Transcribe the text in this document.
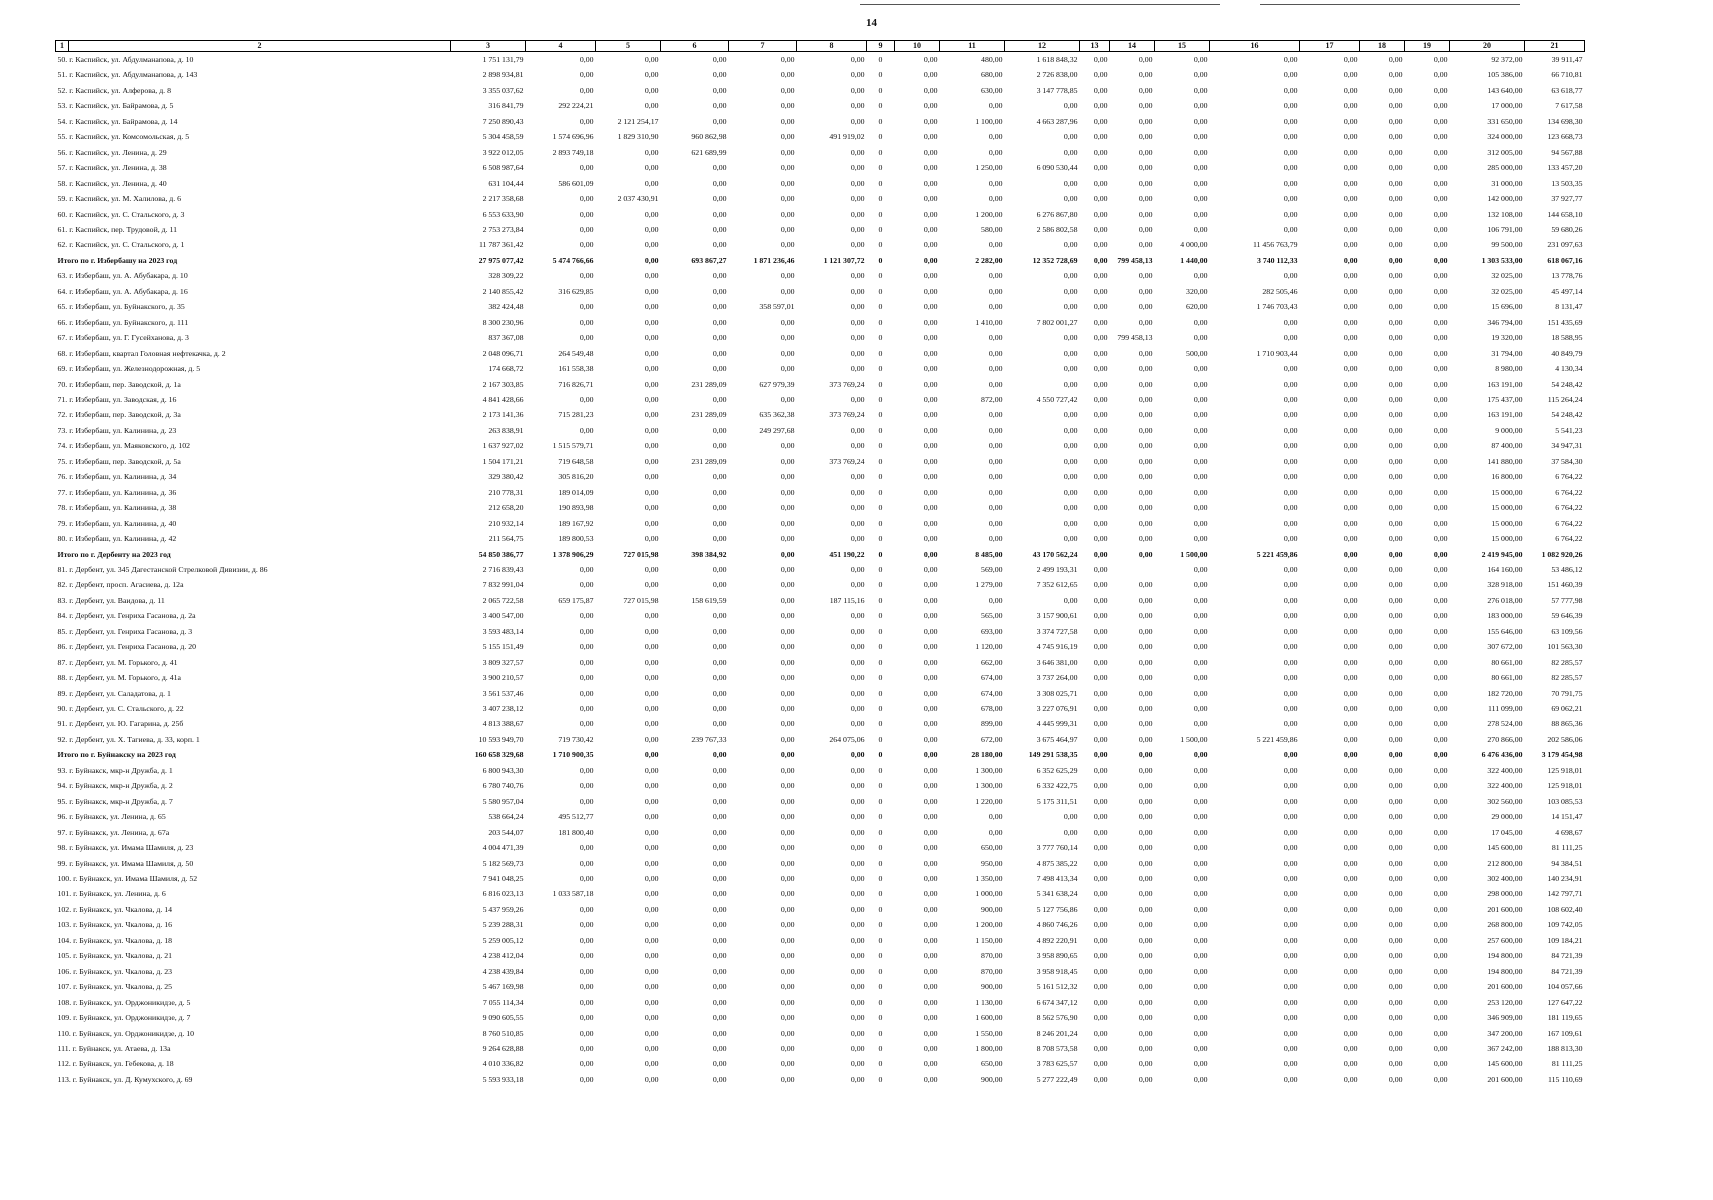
14
1	2	3	4	5	6	7	8	9	10	11	12	13	14	15	16	17	18	19	20	21
50. г. Каспийск, ул. Абдулманапова, д. 10		1 751 131,79	0,00	0,00	0,00	0,00	0,00	0	0,00	480,00	1 618 848,32	0,00	0,00	0,00	0,00	0,00	0,00	0,00	92 372,00	39 911,47
51. г. Каспийск, ул. Абдулманапова, д. 143		2 898 934,81	0,00	0,00	0,00	0,00	0,00	0	0,00	680,00	2 726 838,00	0,00	0,00	0,00	0,00	0,00	0,00	0,00	105 386,00	66 710,81
52. г. Каспийск, ул. Алферова, д. 8		3 355 037,62	0,00	0,00	0,00	0,00	0,00	0	0,00	630,00	3 147 778,85	0,00	0,00	0,00	0,00	0,00	0,00	0,00	143 640,00	63 618,77
53. г. Каспийск, ул. Байрамова, д. 5		316 841,79	292 224,21	0,00	0,00	0,00	0,00	0	0,00	0,00	0,00	0,00	0,00	0,00	0,00	0,00	0,00	0,00	17 000,00	7 617,58
54. г. Каспийск, ул. Байрамова, д. 14		7 250 890,43	0,00	2 121 254,17	0,00	0,00	0,00	0	0,00	1 100,00	4 663 287,96	0,00	0,00	0,00	0,00	0,00	0,00	0,00	331 650,00	134 698,30
55. г. Каспийск, ул. Комсомольская, д. 5		5 304 458,59	1 574 696,96	1 829 310,90	960 862,98	0,00	491 919,02	0	0,00	0,00	0,00	0,00	0,00	0,00	0,00	0,00	0,00	0,00	324 000,00	123 668,73
56. г. Каспийск, ул. Ленина, д. 29		3 922 012,05	2 893 749,18	0,00	621 689,99	0,00	0,00	0	0,00	0,00	0,00	0,00	0,00	0,00	0,00	0,00	0,00	0,00	312 005,00	94 567,88
57. г. Каспийск, ул. Ленина, д. 38		6 508 987,64	0,00	0,00	0,00	0,00	0,00	0	0,00	1 250,00	6 090 530,44	0,00	0,00	0,00	0,00	0,00	0,00	0,00	285 000,00	133 457,20
58. г. Каспийск, ул. Ленина, д. 40		631 104,44	586 601,09	0,00	0,00	0,00	0,00	0	0,00	0,00	0,00	0,00	0,00	0,00	0,00	0,00	0,00	0,00	31 000,00	13 503,35
59. г. Каспийск, ул. М. Халилова, д. 6		2 217 358,68	0,00	2 037 430,91	0,00	0,00	0,00	0	0,00	0,00	0,00	0,00	0,00	0,00	0,00	0,00	0,00	0,00	142 000,00	37 927,77
60. г. Каспийск, ул. С. Стальского, д. 3		6 553 633,90	0,00	0,00	0,00	0,00	0,00	0	0,00	1 200,00	6 276 867,80	0,00	0,00	0,00	0,00	0,00	0,00	0,00	132 108,00	144 658,10
61. г. Каспийск, пер. Трудовой, д. 11		2 753 273,84	0,00	0,00	0,00	0,00	0,00	0	0,00	580,00	2 586 802,58	0,00	0,00	0,00	0,00	0,00	0,00	0,00	106 791,00	59 680,26
62. г. Каспийск, ул. С. Стальского, д. 1		11 787 361,42	0,00	0,00	0,00	0,00	0,00	0	0,00	0,00	0,00	0,00	0,00	4 000,00	11 456 763,79	0,00	0,00	0,00	99 500,00	231 097,63
Итого по г. Избербашу на 2023 год		27 975 077,42	5 474 766,66	0,00	693 867,27	1 871 236,46	1 121 307,72	0	0,00	2 282,00	12 352 728,69	0,00	799 458,13	1 440,00	3 740 112,33	0,00	0,00	0,00	1 303 533,00	618 067,16
63. г. Избербаш, ул. А. Абубакара, д. 10		328 309,22	0,00	0,00	0,00	0,00	0,00	0	0,00	0,00	0,00	0,00	0,00	0,00	0,00	0,00	0,00	0,00	32 025,00	13 778,76
64. г. Избербаш, ул. А. Абубакара, д. 16		2 140 855,42	316 629,85	0,00	0,00	0,00	0,00	0	0,00	0,00	0,00	0,00	0,00	320,00	282 505,46	0,00	0,00	0,00	32 025,00	45 497,14
65. г. Избербаш, ул. Буйнакского, д. 35		382 424,48	0,00	0,00	0,00	358 597,01	0,00	0	0,00	0,00	0,00	0,00	0,00	620,00	1 746 703,43	0,00	0,00	0,00	15 696,00	8 131,47
66. г. Избербаш, ул. Буйнакского, д. 111		8 300 230,96	0,00	0,00	0,00	0,00	0,00	0	0,00	1 410,00	7 802 001,27	0,00	0,00	0,00	0,00	0,00	0,00	0,00	346 794,00	151 435,69
67. г. Избербаш, ул. Г. Гусейханова, д. 3		837 367,08	0,00	0,00	0,00	0,00	0,00	0	0,00	0,00	0,00	0,00	799 458,13	0,00	0,00	0,00	0,00	0,00	19 320,00	18 588,95
68. г. Избербаш, квартал Головная нефтекачка, д. 2		2 048 096,71	264 549,48	0,00	0,00	0,00	0,00	0	0,00	0,00	0,00	0,00	0,00	500,00	1 710 903,44	0,00	0,00	0,00	31 794,00	40 849,79
69. г. Избербаш, ул. Железнодорожная, д. 5		174 668,72	161 558,38	0,00	0,00	0,00	0,00	0	0,00	0,00	0,00	0,00	0,00	0,00	0,00	0,00	0,00	0,00	8 980,00	4 130,34
70. г. Избербаш, пер. Заводской, д. 1а		2 167 303,85	716 826,71	0,00	231 289,09	627 979,39	373 769,24	0	0,00	0,00	0,00	0,00	0,00	0,00	0,00	0,00	0,00	0,00	163 191,00	54 248,42
71. г. Избербаш, ул. Заводская, д. 16		4 841 428,66	0,00	0,00	0,00	0,00	0,00	0	0,00	872,00	4 550 727,42	0,00	0,00	0,00	0,00	0,00	0,00	0,00	175 437,00	115 264,24
72. г. Избербаш, пер. Заводской, д. 3а		2 173 141,36	715 281,23	0,00	231 289,09	635 362,38	373 769,24	0	0,00	0,00	0,00	0,00	0,00	0,00	0,00	0,00	0,00	0,00	163 191,00	54 248,42
73. г. Избербаш, ул. Калинина, д. 23		263 838,91	0,00	0,00	0,00	249 297,68	0,00	0	0,00	0,00	0,00	0,00	0,00	0,00	0,00	0,00	0,00	0,00	9 000,00	5 541,23
74. г. Избербаш, ул. Маяковского, д. 102		1 637 927,02	1 515 579,71	0,00	0,00	0,00	0,00	0	0,00	0,00	0,00	0,00	0,00	0,00	0,00	0,00	0,00	0,00	87 400,00	34 947,31
75. г. Избербаш, пер. Заводской, д. 5а		1 504 171,21	719 648,58	0,00	231 289,09	0,00	373 769,24	0	0,00	0,00	0,00	0,00	0,00	0,00	0,00	0,00	0,00	0,00	141 880,00	37 584,30
76. г. Избербаш, ул. Калинина, д. 34		329 380,42	305 816,20	0,00	0,00	0,00	0,00	0	0,00	0,00	0,00	0,00	0,00	0,00	0,00	0,00	0,00	0,00	16 800,00	6 764,22
77. г. Избербаш, ул. Калинина, д. 36		210 778,31	189 014,09	0,00	0,00	0,00	0,00	0	0,00	0,00	0,00	0,00	0,00	0,00	0,00	0,00	0,00	0,00	15 000,00	6 764,22
78. г. Избербаш, ул. Калинина, д. 38		212 658,20	190 893,98	0,00	0,00	0,00	0,00	0	0,00	0,00	0,00	0,00	0,00	0,00	0,00	0,00	0,00	0,00	15 000,00	6 764,22
79. г. Избербаш, ул. Калинина, д. 40		210 932,14	189 167,92	0,00	0,00	0,00	0,00	0	0,00	0,00	0,00	0,00	0,00	0,00	0,00	0,00	0,00	0,00	15 000,00	6 764,22
80. г. Избербаш, ул. Калинина, д. 42		211 564,75	189 800,53	0,00	0,00	0,00	0,00	0	0,00	0,00	0,00	0,00	0,00	0,00	0,00	0,00	0,00	0,00	15 000,00	6 764,22
Итого по г. Дербенту на 2023 год		54 850 386,77	1 378 906,29	727 015,98	398 384,92	0,00	451 190,22	0	0,00	8 485,00	43 170 562,24	0,00	0,00	1 500,00	5 221 459,86	0,00	0,00	0,00	2 419 945,00	1 082 920,26
81. г. Дербент, ул. 345 Дагестанской Стрелковой Дивизии, д. 86		2 716 839,43	0,00	0,00	0,00	0,00	0,00	0	0,00	569,00	2 499 193,31	0,00		0,00	0,00	0,00	0,00	0,00	164 160,00	53 486,12
82. г. Дербент, просп. Агасиева, д. 12а		7 832 991,04	0,00	0,00	0,00	0,00	0,00	0	0,00	1 279,00	7 352 612,65	0,00	0,00	0,00	0,00	0,00	0,00	0,00	328 918,00	151 460,39
83. г. Дербент, ул. Ваидова, д. 11		2 065 722,58	659 175,87	727 015,98	158 619,59	0,00	187 115,16	0	0,00	0,00	0,00	0,00	0,00	0,00	0,00	0,00	0,00	0,00	276 018,00	57 777,98
84. г. Дербент, ул. Генриха Гасанова, д. 2а		3 400 547,00	0,00	0,00	0,00	0,00	0,00	0	0,00	565,00	3 157 900,61	0,00	0,00	0,00	0,00	0,00	0,00	0,00	183 000,00	59 646,39
85. г. Дербент, ул. Генриха Гасанова, д. 3		3 593 483,14	0,00	0,00	0,00	0,00	0,00	0	0,00	693,00	3 374 727,58	0,00	0,00	0,00	0,00	0,00	0,00	0,00	155 646,00	63 109,56
86. г. Дербент, ул. Генриха Гасанова, д. 20		5 155 151,49	0,00	0,00	0,00	0,00	0,00	0	0,00	1 120,00	4 745 916,19	0,00	0,00	0,00	0,00	0,00	0,00	0,00	307 672,00	101 563,30
87. г. Дербент, ул. М. Горького, д. 41		3 809 327,57	0,00	0,00	0,00	0,00	0,00	0	0,00	662,00	3 646 381,00	0,00	0,00	0,00	0,00	0,00	0,00	0,00	80 661,00	82 285,57
88. г. Дербент, ул. М. Горького, д. 41а		3 900 210,57	0,00	0,00	0,00	0,00	0,00	0	0,00	674,00	3 737 264,00	0,00	0,00	0,00	0,00	0,00	0,00	0,00	80 661,00	82 285,57
89. г. Дербент, ул. Саладатова, д. 1		3 561 537,46	0,00	0,00	0,00	0,00	0,00	0	0,00	674,00	3 308 025,71	0,00	0,00	0,00	0,00	0,00	0,00	0,00	182 720,00	70 791,75
90. г. Дербент, ул. С. Стальского, д. 22		3 407 238,12	0,00	0,00	0,00	0,00	0,00	0	0,00	678,00	3 227 076,91	0,00	0,00	0,00	0,00	0,00	0,00	0,00	111 099,00	69 062,21
91. г. Дербент, ул. Ю. Гагарина, д. 25б		4 813 388,67	0,00	0,00	0,00	0,00	0,00	0	0,00	899,00	4 445 999,31	0,00	0,00	0,00	0,00	0,00	0,00	0,00	278 524,00	88 865,36
92. г. Дербент, ул. Х. Тагиева, д. 33, корп. 1		10 593 949,70	719 730,42	0,00	239 767,33	0,00	264 075,06	0	0,00	672,00	3 675 464,97	0,00	0,00	1 500,00	5 221 459,86	0,00	0,00	0,00	270 866,00	202 586,06
Итого по г. Буйнакску на 2023 год		160 658 329,68	1 710 900,35	0,00	0,00	0,00	0,00	0	0,00	28 180,00	149 291 538,35	0,00	0,00	0,00	0,00	0,00	0,00	0,00	6 476 436,00	3 179 454,98
93. г. Буйнакск, мкр-н Дружба, д. 1		6 800 943,30	0,00	0,00	0,00	0,00	0,00	0	0,00	1 300,00	6 352 625,29	0,00	0,00	0,00	0,00	0,00	0,00	0,00	322 400,00	125 918,01
94. г. Буйнакск, мкр-н Дружба, д. 2		6 780 740,76	0,00	0,00	0,00	0,00	0,00	0	0,00	1 300,00	6 332 422,75	0,00	0,00	0,00	0,00	0,00	0,00	0,00	322 400,00	125 918,01
95. г. Буйнакск, мкр-н Дружба, д. 7		5 580 957,04	0,00	0,00	0,00	0,00	0,00	0	0,00	1 220,00	5 175 311,51	0,00	0,00	0,00	0,00	0,00	0,00	0,00	302 560,00	103 085,53
96. г. Буйнакск, ул. Ленина, д. 65		538 664,24	495 512,77	0,00	0,00	0,00	0,00	0	0,00	0,00	0,00	0,00	0,00	0,00	0,00	0,00	0,00	0,00	29 000,00	14 151,47
97. г. Буйнакск, ул. Ленина, д. 67а		203 544,07	181 800,40	0,00	0,00	0,00	0,00	0	0,00	0,00	0,00	0,00	0,00	0,00	0,00	0,00	0,00	0,00	17 045,00	4 698,67
98. г. Буйнакск, ул. Имама Шамиля, д. 23		4 004 471,39	0,00	0,00	0,00	0,00	0,00	0	0,00	650,00	3 777 760,14	0,00	0,00	0,00	0,00	0,00	0,00	0,00	145 600,00	81 111,25
99. г. Буйнакск, ул. Имама Шамиля, д. 50		5 182 569,73	0,00	0,00	0,00	0,00	0,00	0	0,00	950,00	4 875 385,22	0,00	0,00	0,00	0,00	0,00	0,00	0,00	212 800,00	94 384,51
100. г. Буйнакск, ул. Имама Шамиля, д. 52		7 941 048,25	0,00	0,00	0,00	0,00	0,00	0	0,00	1 350,00	7 498 413,34	0,00	0,00	0,00	0,00	0,00	0,00	0,00	302 400,00	140 234,91
101. г. Буйнакск, ул. Ленина, д. 6		6 816 023,13	1 033 587,18	0,00	0,00	0,00	0,00	0	0,00	1 000,00	5 341 638,24	0,00	0,00	0,00	0,00	0,00	0,00	0,00	298 000,00	142 797,71
102. г. Буйнакск, ул. Чкалова, д. 14		5 437 959,26	0,00	0,00	0,00	0,00	0,00	0	0,00	900,00	5 127 756,86	0,00	0,00	0,00	0,00	0,00	0,00	0,00	201 600,00	108 602,40
103. г. Буйнакск, ул. Чкалова, д. 16		5 239 288,31	0,00	0,00	0,00	0,00	0,00	0	0,00	1 200,00	4 860 746,26	0,00	0,00	0,00	0,00	0,00	0,00	0,00	268 800,00	109 742,05
104. г. Буйнакск, ул. Чкалова, д. 18		5 259 005,12	0,00	0,00	0,00	0,00	0,00	0	0,00	1 150,00	4 892 220,91	0,00	0,00	0,00	0,00	0,00	0,00	0,00	257 600,00	109 184,21
105. г. Буйнакск, ул. Чкалова, д. 21		4 238 412,04	0,00	0,00	0,00	0,00	0,00	0	0,00	870,00	3 958 890,65	0,00	0,00	0,00	0,00	0,00	0,00	0,00	194 800,00	84 721,39
106. г. Буйнакск, ул. Чкалова, д. 23		4 238 439,84	0,00	0,00	0,00	0,00	0,00	0	0,00	870,00	3 958 918,45	0,00	0,00	0,00	0,00	0,00	0,00	0,00	194 800,00	84 721,39
107. г. Буйнакск, ул. Чкалова, д. 25		5 467 169,98	0,00	0,00	0,00	0,00	0,00	0	0,00	900,00	5 161 512,32	0,00	0,00	0,00	0,00	0,00	0,00	0,00	201 600,00	104 057,66
108. г. Буйнакск, ул. Орджоникидзе, д. 5		7 055 114,34	0,00	0,00	0,00	0,00	0,00	0	0,00	1 130,00	6 674 347,12	0,00	0,00	0,00	0,00	0,00	0,00	0,00	253 120,00	127 647,22
109. г. Буйнакск, ул. Орджоникидзе, д. 7		9 090 605,55	0,00	0,00	0,00	0,00	0,00	0	0,00	1 600,00	8 562 576,90	0,00	0,00	0,00	0,00	0,00	0,00	0,00	346 909,00	181 119,65
110. г. Буйнакск, ул. Орджоникидзе, д. 10		8 760 510,85	0,00	0,00	0,00	0,00	0,00	0	0,00	1 550,00	8 246 201,24	0,00	0,00	0,00	0,00	0,00	0,00	0,00	347 200,00	167 109,61
111. г. Буйнакск, ул. Атаева, д. 13а		9 264 628,88	0,00	0,00	0,00	0,00	0,00	0	0,00	1 800,00	8 708 573,58	0,00	0,00	0,00	0,00	0,00	0,00	0,00	367 242,00	188 813,30
112. г. Буйнакск, ул. Гебекова, д. 18		4 010 336,82	0,00	0,00	0,00	0,00	0,00	0	0,00	650,00	3 783 625,57	0,00	0,00	0,00	0,00	0,00	0,00	0,00	145 600,00	81 111,25
113. г. Буйнакск, ул. Д. Кумухского, д. 69		5 593 933,18	0,00	0,00	0,00	0,00	0,00	0	0,00	900,00	5 277 222,49	0,00	0,00	0,00	0,00	0,00	0,00	0,00	201 600,00	115 110,69
